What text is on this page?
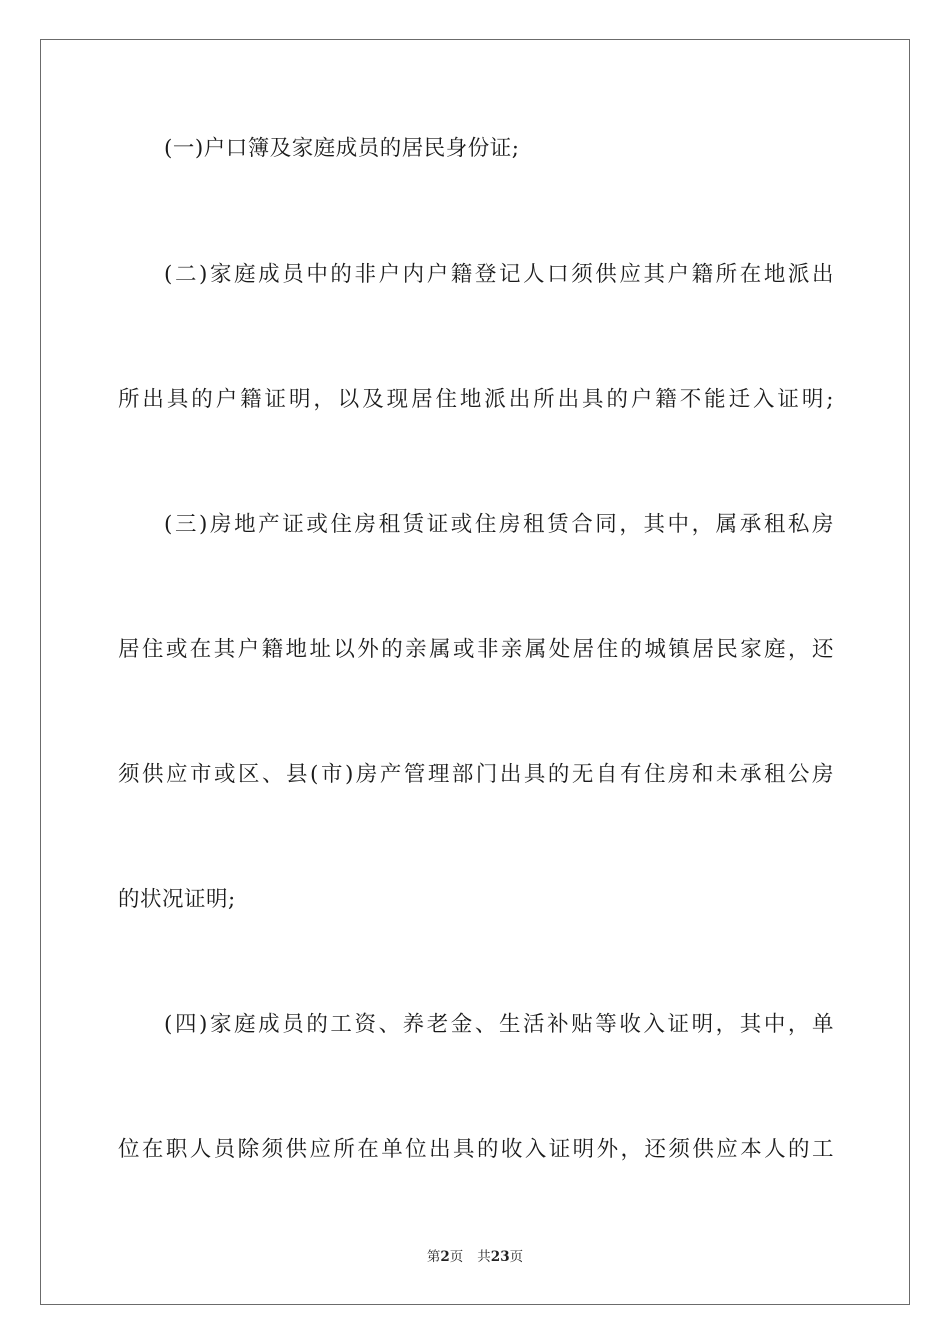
(一)户口簿及家庭成员的居民身份证;
(二)家庭成员中的非户内户籍登记人口须供应其户籍所在地派出
所出具的户籍证明，以及现居住地派出所出具的户籍不能迁入证明;
(三)房地产证或住房租赁证或住房租赁合同，其中，属承租私房
居住或在其户籍地址以外的亲属或非亲属处居住的城镇居民家庭，还
须供应市或区、县(市)房产管理部门出具的无自有住房和未承租公房
的状况证明;
(四)家庭成员的工资、养老金、生活补贴等收入证明，其中，单
位在职人员除须供应所在单位出具的收入证明外，还须供应本人的工
第2页 共23页
